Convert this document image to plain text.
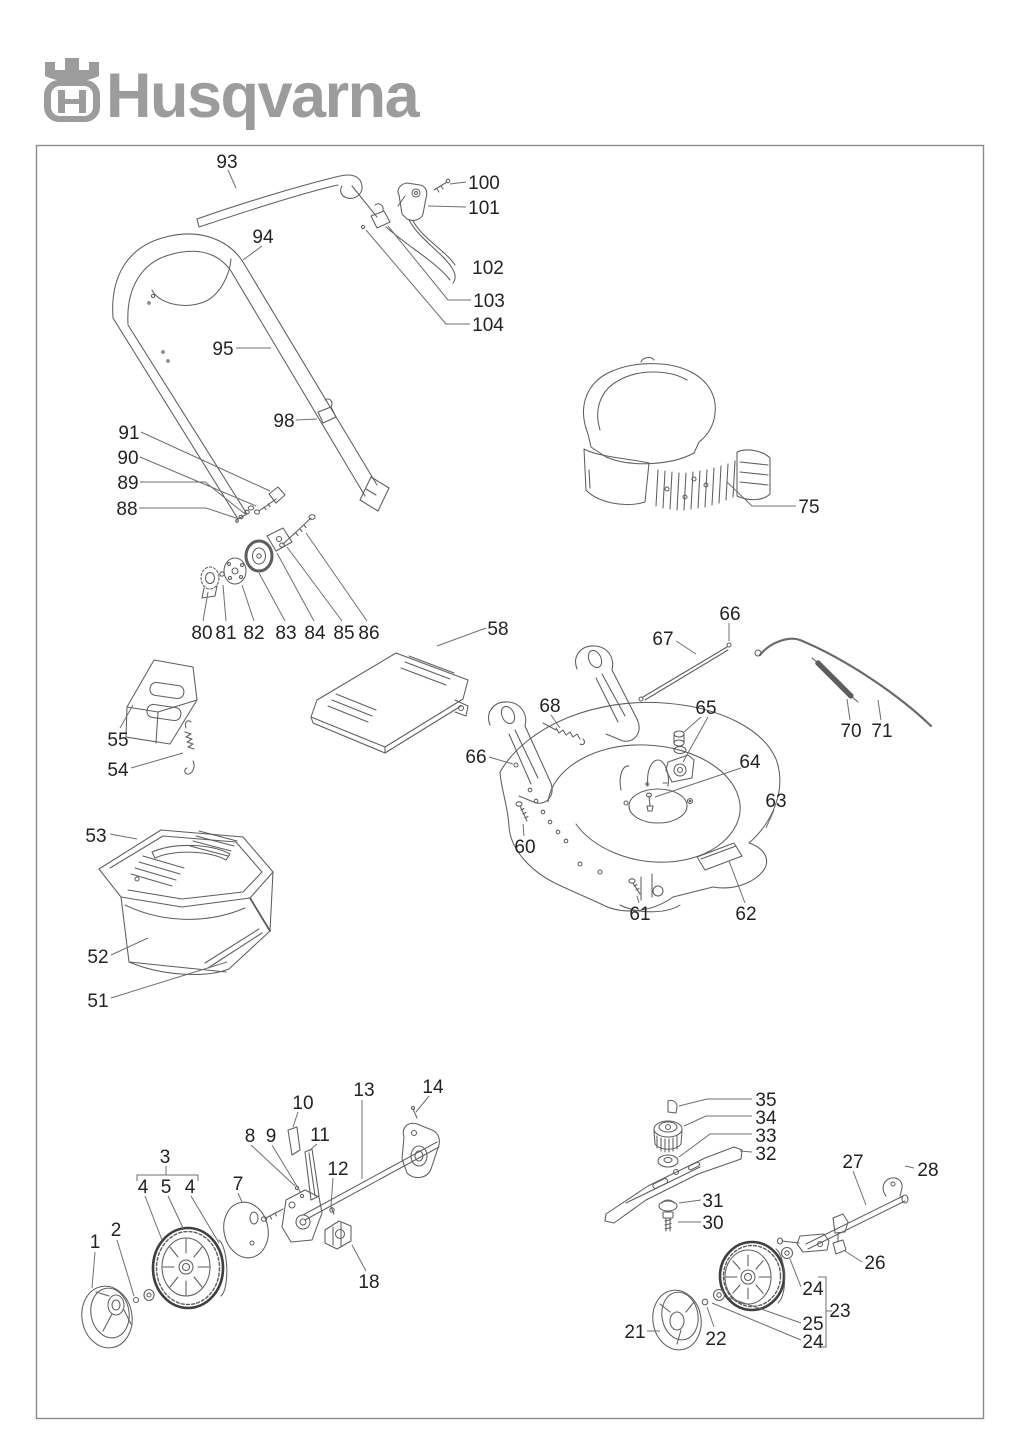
Husqvarna
93
100
101
94
102
103
104
95
98
91
90
89
88	75
80 81 82 83 84 85 86	58
66
67
68	65
70 71
66	64
63
60
61	62
55
54
53
52
51
13	14
10
8 9 11
12
3
4 5 4 7
2
1
18
35
34
33
32	27	28
31
30
26
24
23
25
24
21	22
